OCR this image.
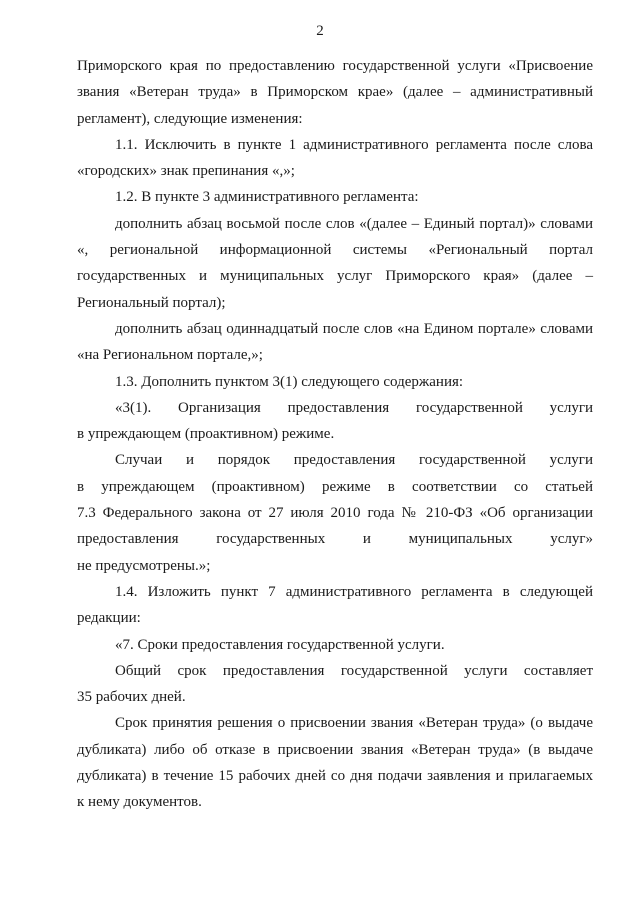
2
Приморского края по предоставлению государственной услуги «Присвоение
звания «Ветеран труда» в Приморском крае» (далее – административный
регламент), следующие изменения:
1.1. Исключить в пункте 1 административного регламента после слова
«городских» знак препинания «,»;
1.2. В пункте 3 административного регламента:
дополнить абзац восьмой после слов «(далее – Единый портал)» словами
«, региональной информационной системы «Региональный портал
государственных и муниципальных услуг Приморского края» (далее –
Региональный портал);
дополнить абзац одиннадцатый после слов «на Едином портале» словами
«на Региональном портале,»;
1.3. Дополнить пунктом 3(1) следующего содержания:
«3(1). Организация предоставления государственной услуги
в упреждающем (проактивном) режиме.
Случаи и порядок предоставления государственной услуги
в упреждающем (проактивном) режиме в соответствии со статьей
7.3 Федерального закона от 27 июля 2010 года № 210-ФЗ «Об организации
предоставления государственных и муниципальных услуг»
не предусмотрены.»;
1.4. Изложить пункт 7 административного регламента в следующей
редакции:
«7. Сроки предоставления государственной услуги.
Общий срок предоставления государственной услуги составляет
35 рабочих дней.
Срок принятия решения о присвоении звания «Ветеран труда» (о выдаче
дубликата) либо об отказе в присвоении звания «Ветеран труда» (в выдаче
дубликата) в течение 15 рабочих дней со дня подачи заявления и прилагаемых
к нему документов.
